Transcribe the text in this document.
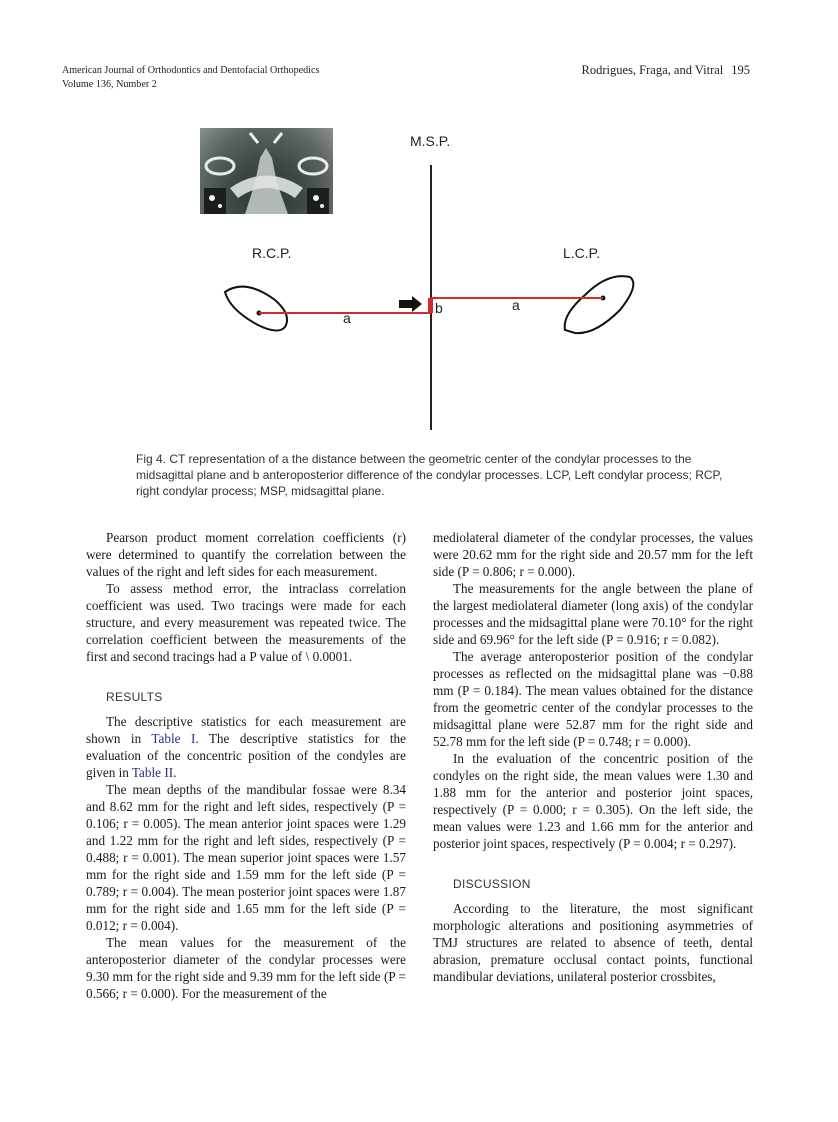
American Journal of Orthodontics and Dentofacial Orthopedics
Volume 136, Number 2
Rodrigues, Fraga, and Vitral 195
M.S.P.
R.C.P.	L.C.P.
a
a
b
Fig 4. CT representation of a the distance between the geometric center of the condylar processes to the midsagittal plane and b anteroposterior difference of the condylar processes. LCP, Left condylar process; RCP, right condylar process; MSP, midsagittal plane.

Pearson product moment correlation coefficients (r) were determined to quantify the correlation between the values of the right and left sides for each measurement.

To assess method error, the intraclass correlation coefficient was used. Two tracings were made for each structure, and every measurement was repeated twice. The correlation coefficient between the measurements of the first and second tracings had a P value of \ 0.0001.

RESULTS

The descriptive statistics for each measurement are shown in Table I. The descriptive statistics for the evaluation of the concentric position of the condyles are given in Table II.

The mean depths of the mandibular fossae were 8.34 and 8.62 mm for the right and left sides, respectively (P = 0.106; r = 0.005). The mean anterior joint spaces were 1.29 and 1.22 mm for the right and left sides, respectively (P = 0.488; r = 0.001). The mean superior joint spaces were 1.57 mm for the right side and 1.59 mm for the left side (P = 0.789; r = 0.004). The mean posterior joint spaces were 1.87 mm for the right side and 1.65 mm for the left side (P = 0.012; r = 0.004).

The mean values for the measurement of the anteroposterior diameter of the condylar processes were 9.30 mm for the right side and 9.39 mm for the left side (P = 0.566; r = 0.000). For the measurement of the

mediolateral diameter of the condylar processes, the values were 20.62 mm for the right side and 20.57 mm for the left side (P = 0.806; r = 0.000).

The measurements for the angle between the plane of the largest mediolateral diameter (long axis) of the condylar processes and the midsagittal plane were 70.10° for the right side and 69.96° for the left side (P = 0.916; r = 0.082).

The average anteroposterior position of the condylar processes as reflected on the midsagittal plane was −0.88 mm (P = 0.184). The mean values obtained for the distance from the geometric center of the condylar processes to the midsagittal plane were 52.87 mm for the right side and 52.78 mm for the left side (P = 0.748; r = 0.000).

In the evaluation of the concentric position of the condyles on the right side, the mean values were 1.30 and 1.88 mm for the anterior and posterior joint spaces, respectively (P = 0.000; r = 0.305). On the left side, the mean values were 1.23 and 1.66 mm for the anterior and posterior joint spaces, respectively (P = 0.004; r = 0.297).

DISCUSSION

According to the literature, the most significant morphologic alterations and positioning asymmetries of TMJ structures are related to absence of teeth, dental abrasion, premature occlusal contact points, functional mandibular deviations, unilateral posterior crossbites,
